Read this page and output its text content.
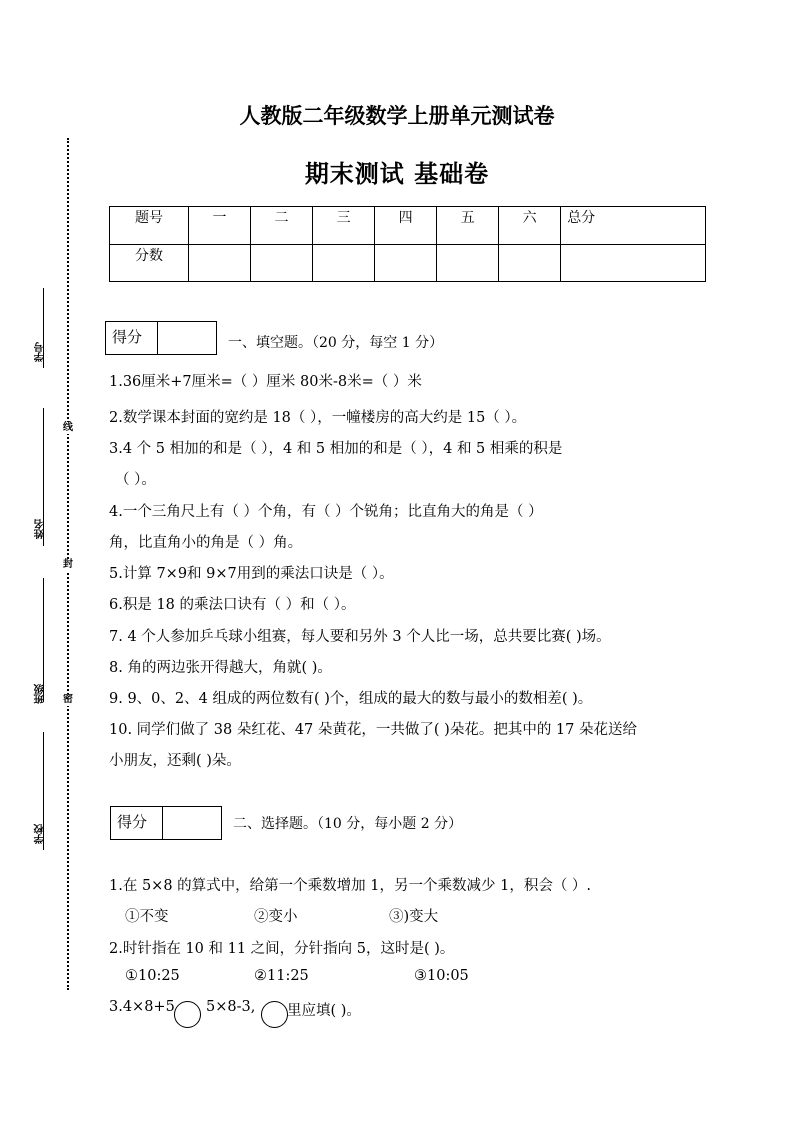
人教版二年级数学上册单元测试卷
期末测试 基础卷
题号	一	二	三	四	五	六	总分
分数							
学号
姓名
班级
学校
线
封
密
得分	一、填空题。（20 分，每空 1 分）
1.36厘米+7厘米=（ ）厘米 80米-8米=（ ）米
2.数学课本封面的宽约是 18（ ），一幢楼房的高大约是 15（ ）。
3.4 个 5 相加的和是（ ），4 和 5 相加的和是（ ），4 和 5 相乘的积是
（ ）。
4.一个三角尺上有（ ）个角，有（ ）个锐角；比直角大的角是（ ）
角，比直角小的角是（ ）角。
5.计算 7×9和 9×7用到的乘法口诀是（ ）。
6.积是 18 的乘法口诀有（ ）和（ ）。
7. 4 个人参加乒乓球小组赛，每人要和另外 3 个人比一场，总共要比赛( )场。
8. 角的两边张开得越大，角就( )。
9. 9、0、2、4 组成的两位数有( )个，组成的最大的数与最小的数相差( )。
10. 同学们做了 38 朵红花、47 朵黄花，一共做了( )朵花。把其中的 17 朵花送给
小朋友，还剩( )朵。
得分	二、选择题。（10 分，每小题 2 分）
1.在 5×8 的算式中，给第一个乘数增加 1，另一个乘数减少 1，积会（ ）.
①不变	②变小	③)变大
2.时针指在 10 和 11 之间，分针指向 5，这时是( )。
①10:25	②11:25	③10:05
3.4×8+5 5×8-3, 里应填( )。
